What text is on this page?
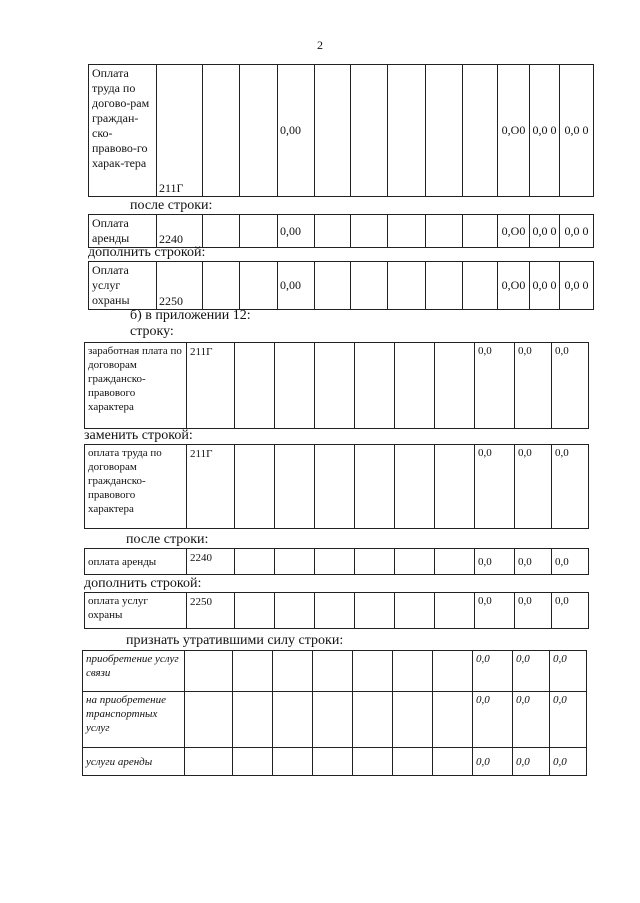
2
Оплата труда по догово-рам граждан-ско-правово-го харак-тера	211Г			0,00						0,О0	0,0 0	0,0 0
после строки:
Оплата аренды	2240			0,00						0,О0	0,0 0	0,0 0
дополнить строкой:
Оплата услуг охраны	2250			0,00						0,О0	0,0 0	0,0 0
б) в приложении 12:
строку:
заработная плата по договорам гражданско-правового характера	211Г							0,0	0,0	0,0
заменить строкой:
оплата труда по договорам гражданско-правового характера	211Г							0,0	0,0	0,0
после строки:
оплата аренды	2240							0,0	0,0	0,0
дополнить строкой:
оплата услуг охраны	2250							0,0	0,0	0,0
признать утратившими силу строки:
приобретение услуг связи								0,0	0,0	0,0
на приобретение транспортных услуг								0,0	0,0	0,0
услуги аренды								0,0	0,0	0,0
